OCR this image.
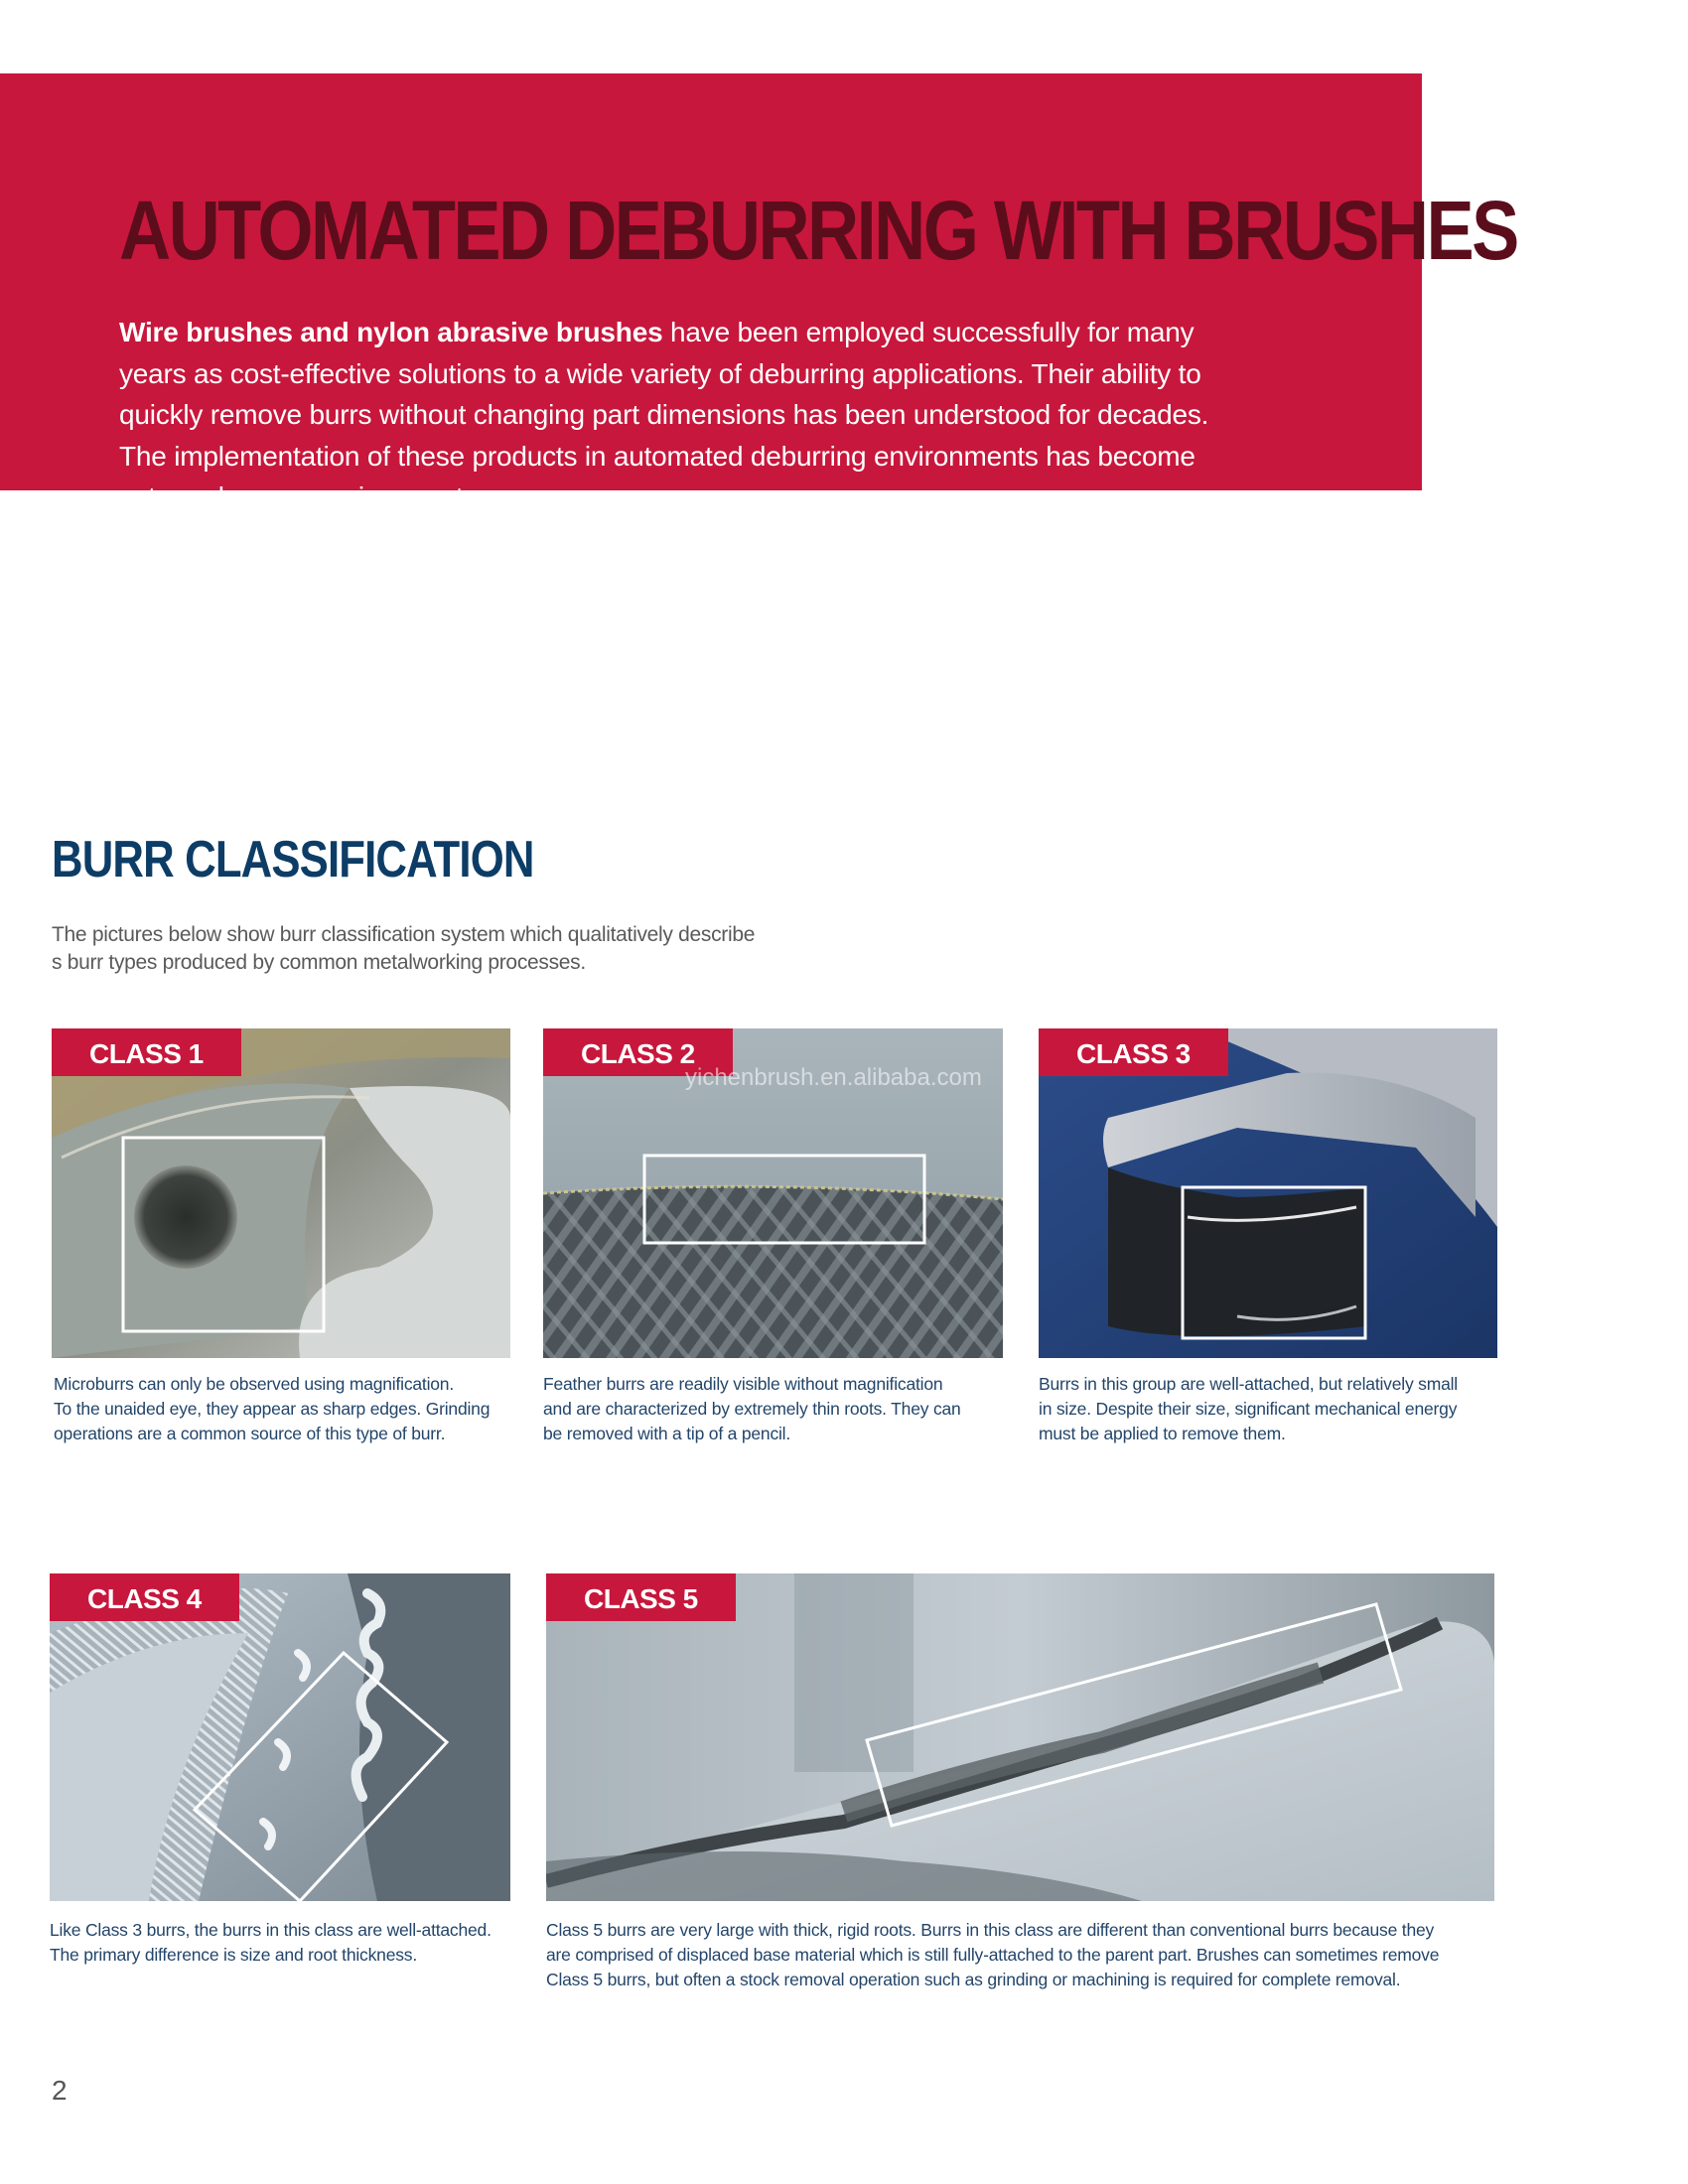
AUTOMATED DEBURRING WITH BRUSHES

Wire brushes and nylon abrasive brushes have been employed successfully for many years as cost-effective solutions to a wide variety of deburring applications. Their ability to quickly remove burrs without changing part dimensions has been understood for decades. The implementation of these products in automated deburring environments has become extremely common in recent years.

BURR CLASSIFICATION

The pictures below show burr classification system which qualitatively describe
s burr types produced by common metalworking processes.

CLASS 1

Microburrs can only be observed using magnification.
To the unaided eye, they appear as sharp edges. Grinding
operations are a common source of this type of burr.

CLASS 2

Feather burrs are readily visible without magnification
and are characterized by extremely thin roots. They can
be removed with a tip of a pencil.

CLASS 3

Burrs in this group are well-attached, but relatively small
in size. Despite their size, significant mechanical energy
must be applied to remove them.

CLASS 4

Like Class 3 burrs, the burrs in this class are well-attached.
The primary difference is size and root thickness.

CLASS 5

Class 5 burrs are very large with thick, rigid roots. Burrs in this class are different than conventional burrs because they
are comprised of displaced base material which is still fully-attached to the parent part. Brushes can sometimes remove
Class 5 burrs, but often a stock removal operation such as grinding or machining is required for complete removal.

yichenbrush.en.alibaba.com
2
